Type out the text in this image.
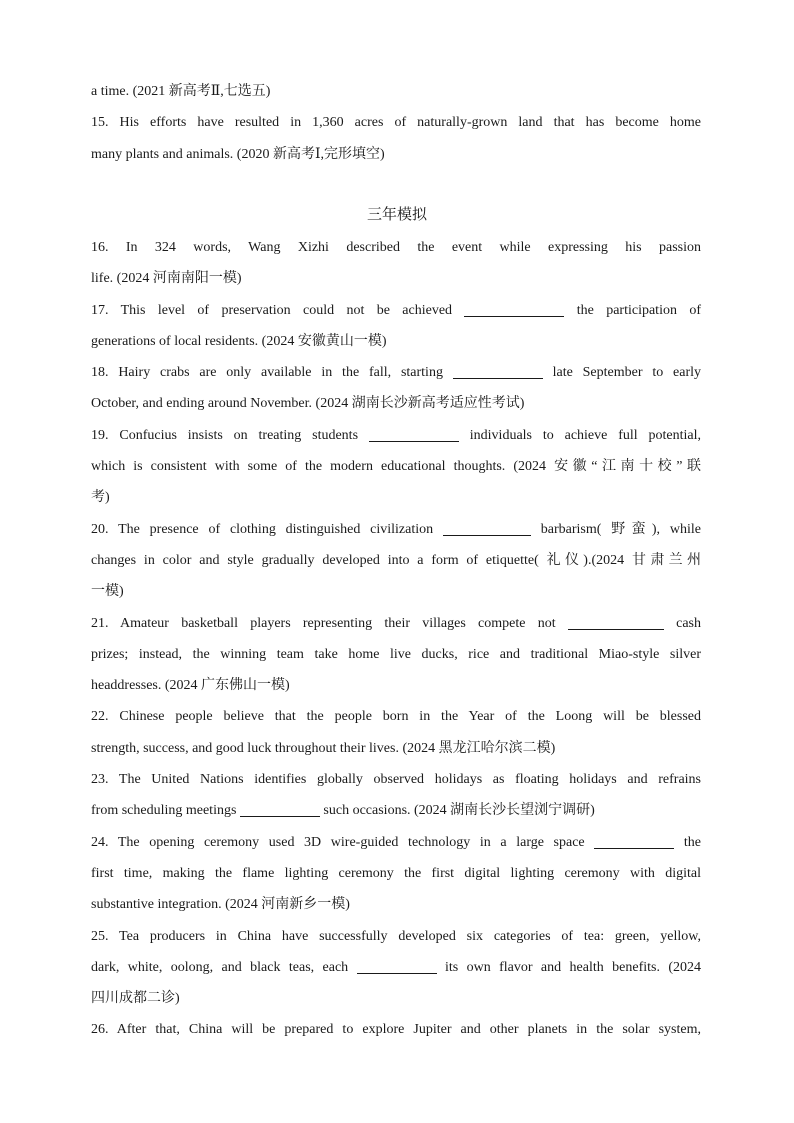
a time. (2021 新高考Ⅱ,七选五)
15. His efforts have resulted in 1,360 acres of naturally-grown land that has become home
many plants and animals. (2020 新高考Ⅰ,完形填空)
三年模拟
16. In 324 words, Wang Xizhi described the event while expressing his passion
life. (2024 河南南阳一模)
17. This level of preservation could not be achieved	the participation of
generations of local residents. (2024 安徽黄山一模)
18. Hairy crabs are only available in the fall, starting	late September to early
October, and ending around November. (2024 湖南长沙新高考适应性考试)
19. Confucius insists on treating students	individuals to achieve full potential,
which is consistent with some of the modern educational thoughts. (2024 安徽“江南十校”联
考)
20. The presence of clothing distinguished civilization	barbarism( 野蛮), while
changes in color and style gradually developed into a form of etiquette( 礼仪).(2024 甘肃兰州
一模)
21. Amateur basketball players representing their villages compete not	cash
prizes; instead, the winning team take home live ducks, rice and traditional Miao-style silver
headdresses. (2024 广东佛山一模)
22. Chinese people believe that the people born in the Year of the Loong will be blessed
strength, success, and good luck throughout their lives. (2024 黑龙江哈尔滨二模)
23. The United Nations identifies globally observed holidays as floating holidays and refrains
from scheduling meetings	such occasions. (2024 湖南长沙长望浏宁调研)
24. The opening ceremony used 3D wire-guided technology in a large space	the
first time, making the flame lighting ceremony the first digital lighting ceremony with digital
substantive integration. (2024 河南新乡一模)
25. Tea producers in China have successfully developed six categories of tea: green, yellow,
dark, white, oolong, and black teas, each	its own flavor and health benefits. (2024
四川成都二诊)
26. After that, China will be prepared to explore Jupiter and other planets in the solar system,
